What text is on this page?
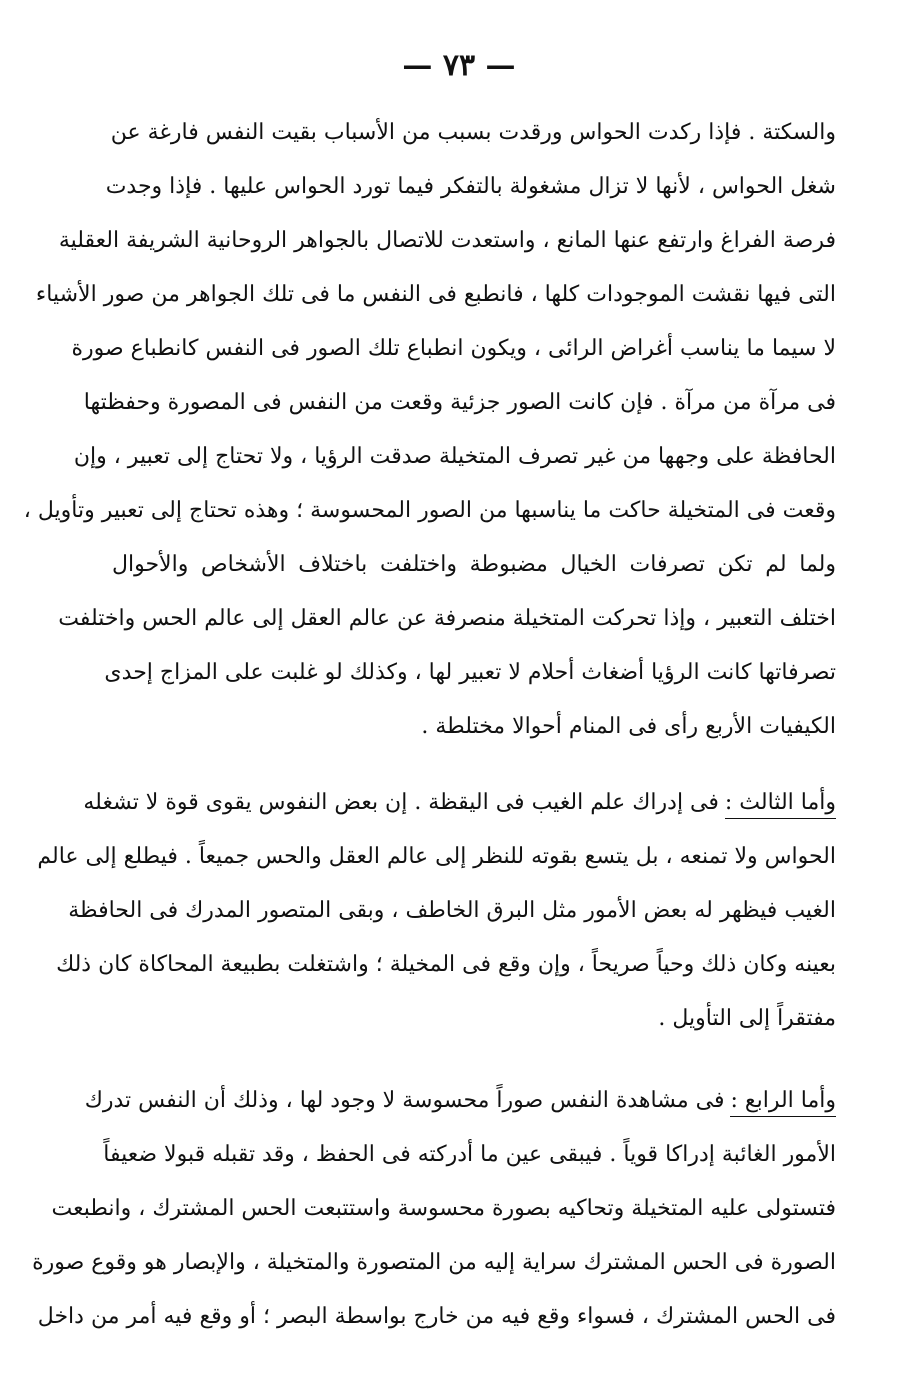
— ٧٣ —
والسكتة . فإذا ركدت الحواس ورقدت بسبب من الأسباب بقيت النفس فارغة عن
شغل الحواس ، لأنها لا تزال مشغولة بالتفكر فيما تورد الحواس عليها . فإذا وجدت
فرصة الفراغ وارتفع عنها المانع ، واستعدت للاتصال بالجواهر الروحانية الشريفة العقلية
التى فيها نقشت الموجودات كلها ، فانطبع فى النفس ما فى تلك الجواهر من صور الأشياء
لا سيما ما يناسب أغراض الرائى ، ويكون انطباع تلك الصور فى النفس كانطباع صورة
فى مرآة من مرآة . فإن كانت الصور جزئية وقعت من النفس فى المصورة وحفظتها
الحافظة على وجهها من غير تصرف المتخيلة صدقت الرؤيا ، ولا تحتاج إلى تعبير ، وإن
وقعت فى المتخيلة حاكت ما يناسبها من الصور المحسوسة ؛ وهذه تحتاج إلى تعبير وتأويل ،
ولما لم تكن تصرفات الخيال مضبوطة واختلفت باختلاف الأشخاص والأحوال
اختلف التعبير ، وإذا تحركت المتخيلة منصرفة عن عالم العقل إلى عالم الحس واختلفت
تصرفاتها كانت الرؤيا أضغاث أحلام لا تعبير لها ، وكذلك لو غلبت على المزاج إحدى
الكيفيات الأربع رأى فى المنام أحوالا مختلطة .
وأما الثالث :فى إدراك علم الغيب فى اليقظة . إن بعض النفوس يقوى قوة لا تشغله
الحواس ولا تمنعه ، بل يتسع بقوته للنظر إلى عالم العقل والحس جميعاً . فيطلع إلى عالم
الغيب فيظهر له بعض الأمور مثل البرق الخاطف ، وبقى المتصور المدرك فى الحافظة
بعينه وكان ذلك وحياً صريحاً ، وإن وقع فى المخيلة ؛ واشتغلت بطبيعة المحاكاة كان ذلك
مفتقراً إلى التأويل .
وأما الرابع :فى مشاهدة النفس صوراً محسوسة لا وجود لها ، وذلك أن النفس تدرك
الأمور الغائبة إدراكا قوياً . فيبقى عين ما أدركته فى الحفظ ، وقد تقبله قبولا ضعيفاً
فتستولى عليه المتخيلة وتحاكيه بصورة محسوسة واستتبعت الحس المشترك ، وانطبعت
الصورة فى الحس المشترك سراية إليه من المتصورة والمتخيلة ، والإبصار هو وقوع صورة
فى الحس المشترك ، فسواء وقع فيه من خارج بواسطة البصر ؛ أو وقع فيه أمر من داخل
